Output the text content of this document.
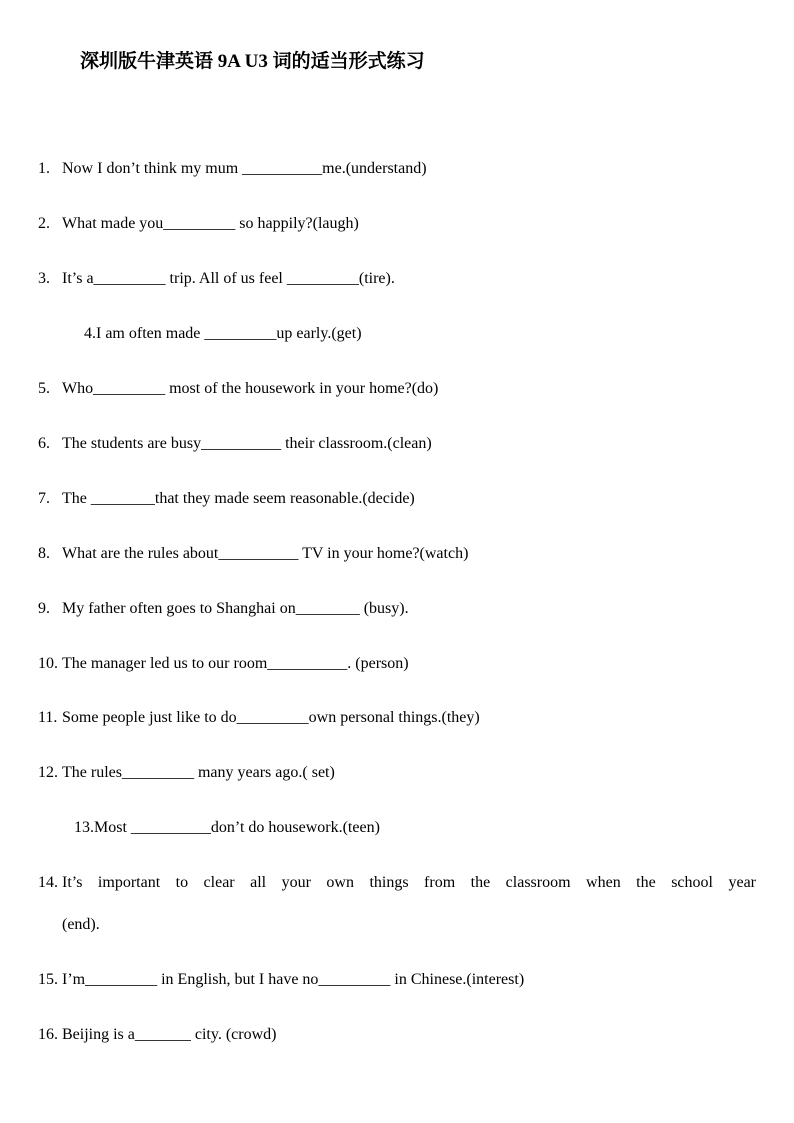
深圳版牛津英语 9A U3 词的适当形式练习
1. Now I don’t think my mum __________me.(understand)
2. What made you_________ so happily?(laugh)
3. It’s a_________ trip. All of us feel _________(tire).
4.I am often made _________up early.(get)
5. Who_________ most of the housework in your home?(do)
6. The students are busy__________ their classroom.(clean)
7. The ________that they made seem reasonable.(decide)
8. What are the rules about__________ TV in your home?(watch)
9. My father often goes to Shanghai on________ (busy).
10. The manager led us to our room__________. (person)
11. Some people just like to do_________own personal things.(they)
12. The rules_________ many years ago.( set)
13.Most __________don’t do housework.(teen)
14. It’s important to clear all your own things from the classroom when the school year
(end).
15. I’m_________ in English, but I have no_________ in Chinese.(interest)
16. Beijing is a_______ city. (crowd)
